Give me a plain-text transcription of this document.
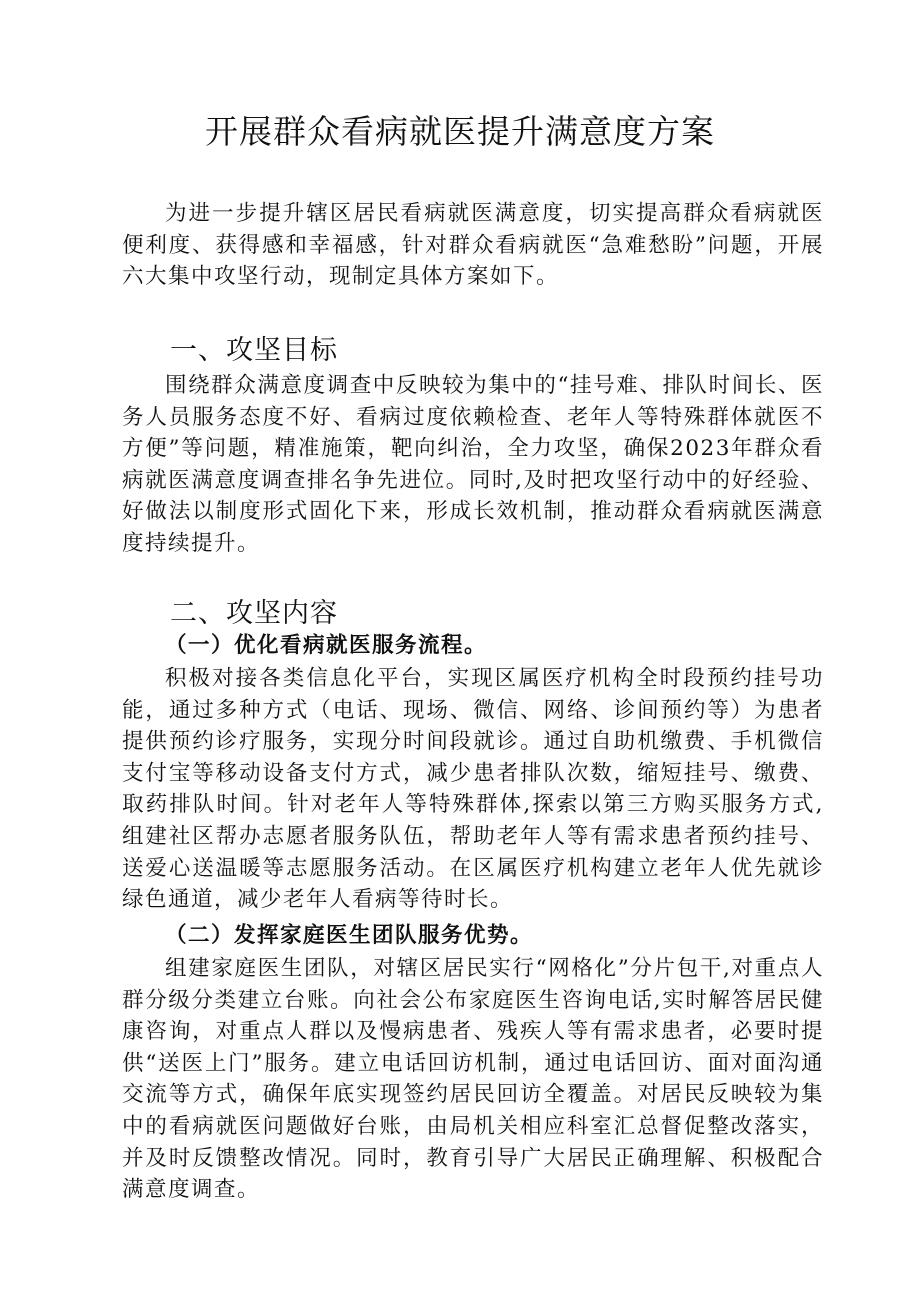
开展群众看病就医提升满意度方案

为进一步提升辖区居民看病就医满意度，切实提高群众看病就医便利度、获得感和幸福感，针对群众看病就医“急难愁盼”问题，开展六大集中攻坚行动，现制定具体方案如下。

一、攻坚目标

围绕群众满意度调查中反映较为集中的“挂号难、排队时间长、医务人员服务态度不好、看病过度依赖检查、老年人等特殊群体就医不方便”等问题，精准施策，靶向纠治，全力攻坚，确保2023年群众看病就医满意度调查排名争先进位。同时,及时把攻坚行动中的好经验、好做法以制度形式固化下来，形成长效机制，推动群众看病就医满意度持续提升。

二、攻坚内容
（一）优化看病就医服务流程。

积极对接各类信息化平台，实现区属医疗机构全时段预约挂号功能，通过多种方式（电话、现场、微信、网络、诊间预约等）为患者提供预约诊疗服务，实现分时间段就诊。通过自助机缴费、手机微信支付宝等移动设备支付方式，减少患者排队次数，缩短挂号、缴费、取药排队时间。针对老年人等特殊群体,探索以第三方购买服务方式,组建社区帮办志愿者服务队伍，帮助老年人等有需求患者预约挂号、送爱心送温暖等志愿服务活动。在区属医疗机构建立老年人优先就诊绿色通道，减少老年人看病等待时长。

（二）发挥家庭医生团队服务优势。

组建家庭医生团队，对辖区居民实行“网格化”分片包干,对重点人群分级分类建立台账。向社会公布家庭医生咨询电话,实时解答居民健康咨询，对重点人群以及慢病患者、残疾人等有需求患者，必要时提供“送医上门”服务。建立电话回访机制，通过电话回访、面对面沟通交流等方式，确保年底实现签约居民回访全覆盖。对居民反映较为集中的看病就医问题做好台账，由局机关相应科室汇总督促整改落实，并及时反馈整改情况。同时，教育引导广大居民正确理解、积极配合满意度调查。
